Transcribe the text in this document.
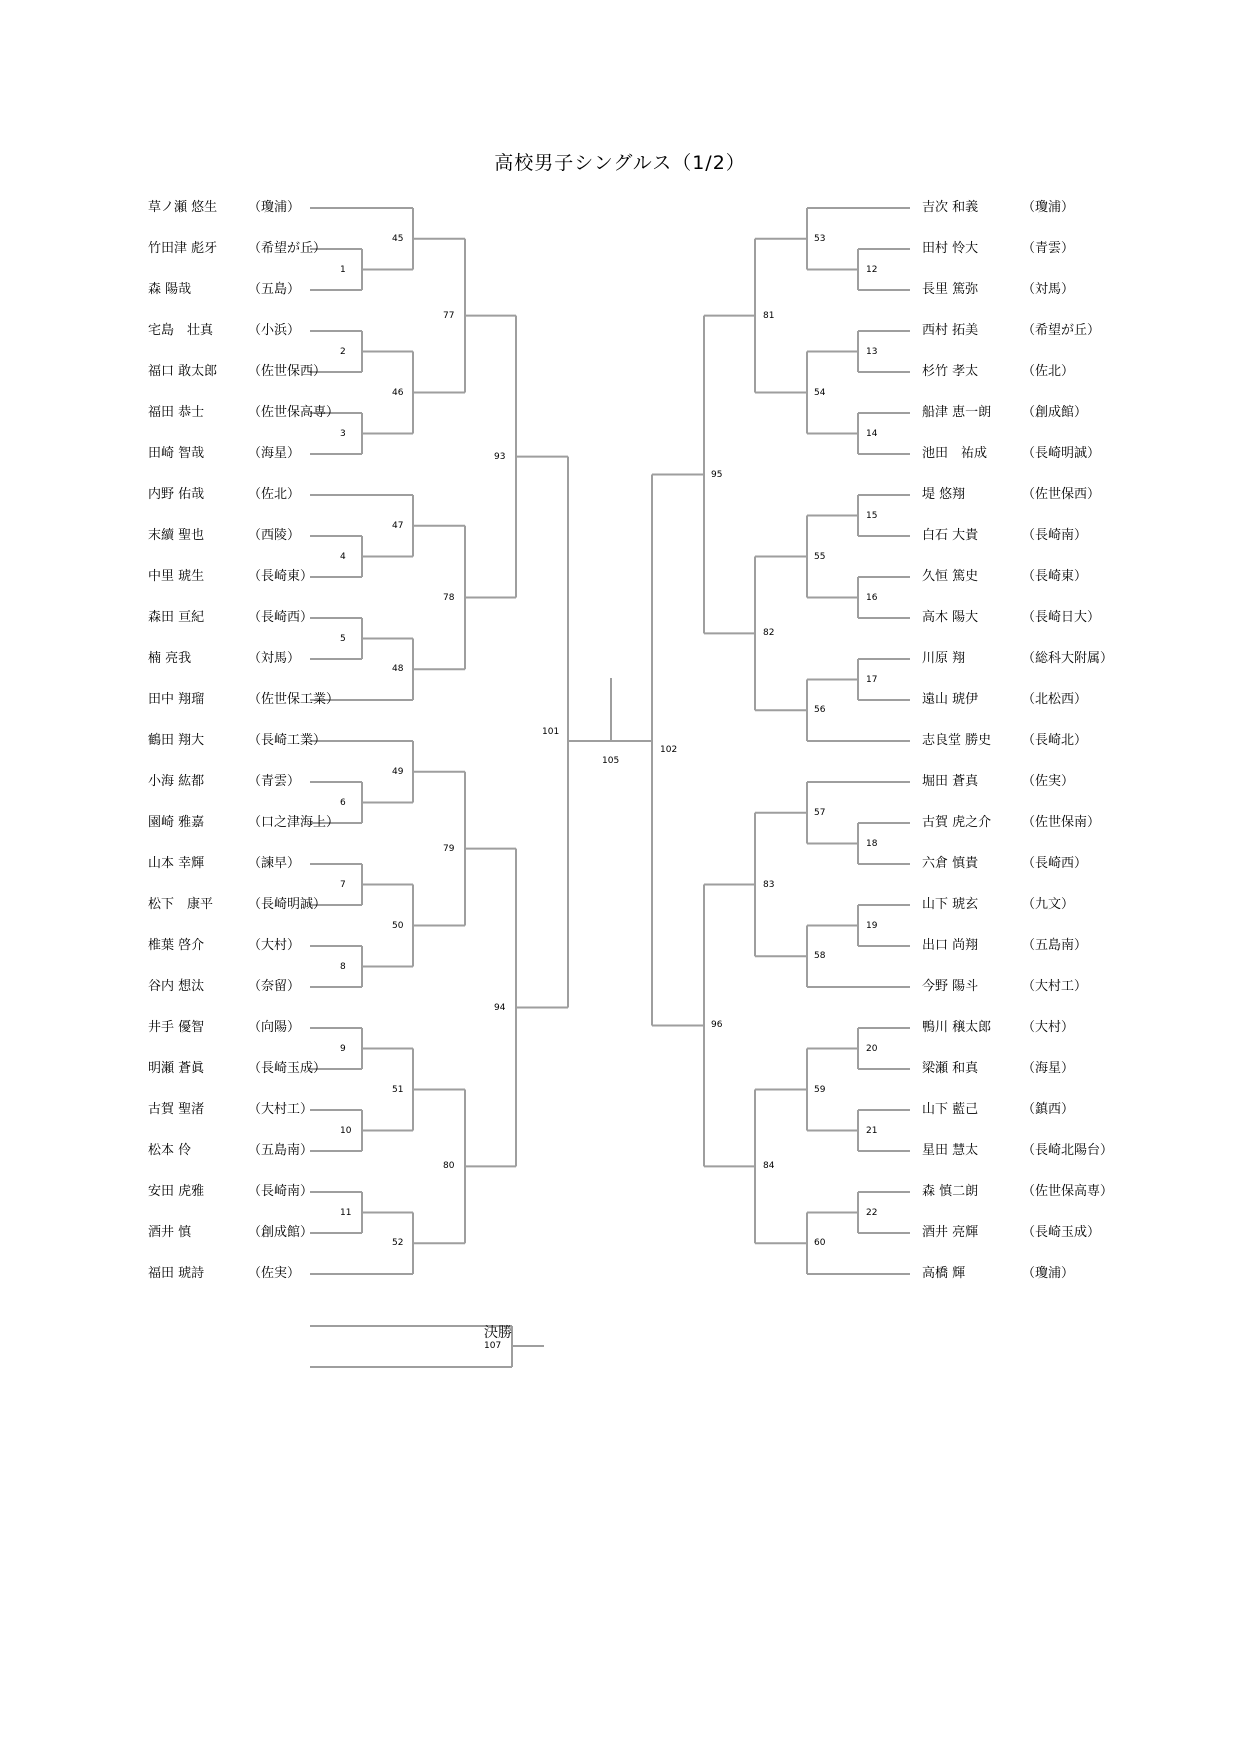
高校男子シングルス（1/2）
草ノ瀬 悠生 （瓊浦）
竹田津 彪牙 （希望が丘）
森 陽哉	（五島）
宅島　壮真	（小浜）
福口 敢太郎 （佐世保西）
福田 恭士	（佐世保高専）
田崎 智哉	（海星）
内野 佑哉	（佐北）
末續 聖也	（西陵）
中里 琥生	（長崎東）
森田 亘紀	（長崎西）
楠 亮我	（対馬）
田中 翔瑠	（佐世保工業）
鶴田 翔大	（長崎工業）
小海 紘都	（青雲）
園崎 雅嘉	（口之津海上）
山本 幸輝	（諫早）
松下　康平	（長崎明誠）
椎葉 啓介	（大村）
谷内 想汰	（奈留）
井手 優智	（向陽）
明瀬 蒼眞	（長崎玉成）
古賀 聖渚	（大村工）
松本 伶	（五島南）
安田 虎雅	（長崎南）
酒井 慎	（創成館）
福田 琥詩	（佐実）
吉次 和義	（瓊浦）
田村 怜大	（青雲）
長里 篤弥	（対馬）
西村 拓美	（希望が丘）
杉竹 孝太	（佐北）
船津 恵一朗 （創成館）
池田　祐成	（長崎明誠）
堤 悠翔	（佐世保西）
白石 大貴	（長崎南）
久恒 篤史	（長崎東）
高木 陽大	（長崎日大）
川原 翔	（総科大附属）
遠山 琥伊	（北松西）
志良堂 勝史 （長崎北）
堀田 蒼真	（佐実）
古賀 虎之介 （佐世保南）
六倉 慎貴	（長崎西）
山下 琥玄	（九文）
出口 尚翔	（五島南）
今野 陽斗	（大村工）
鴨川 穣太郎 （大村）
梁瀬 和真	（海星）
山下 藍己	（鎮西）
星田 慧太	（長崎北陽台）
森 慎二朗	（佐世保高専）
酒井 亮輝	（長崎玉成）
高橋 輝	（瓊浦）
1
2
3
4
5
6
7
8
9
10
11
45
46
47
48
49
50
51
52
77
78
79
80
93
94
101
12
13
14
15
16
17
18
19
20
21
22
53
54
55
56
57
58
59
60
81
82
83
84
95
96
102
105
107
決勝
